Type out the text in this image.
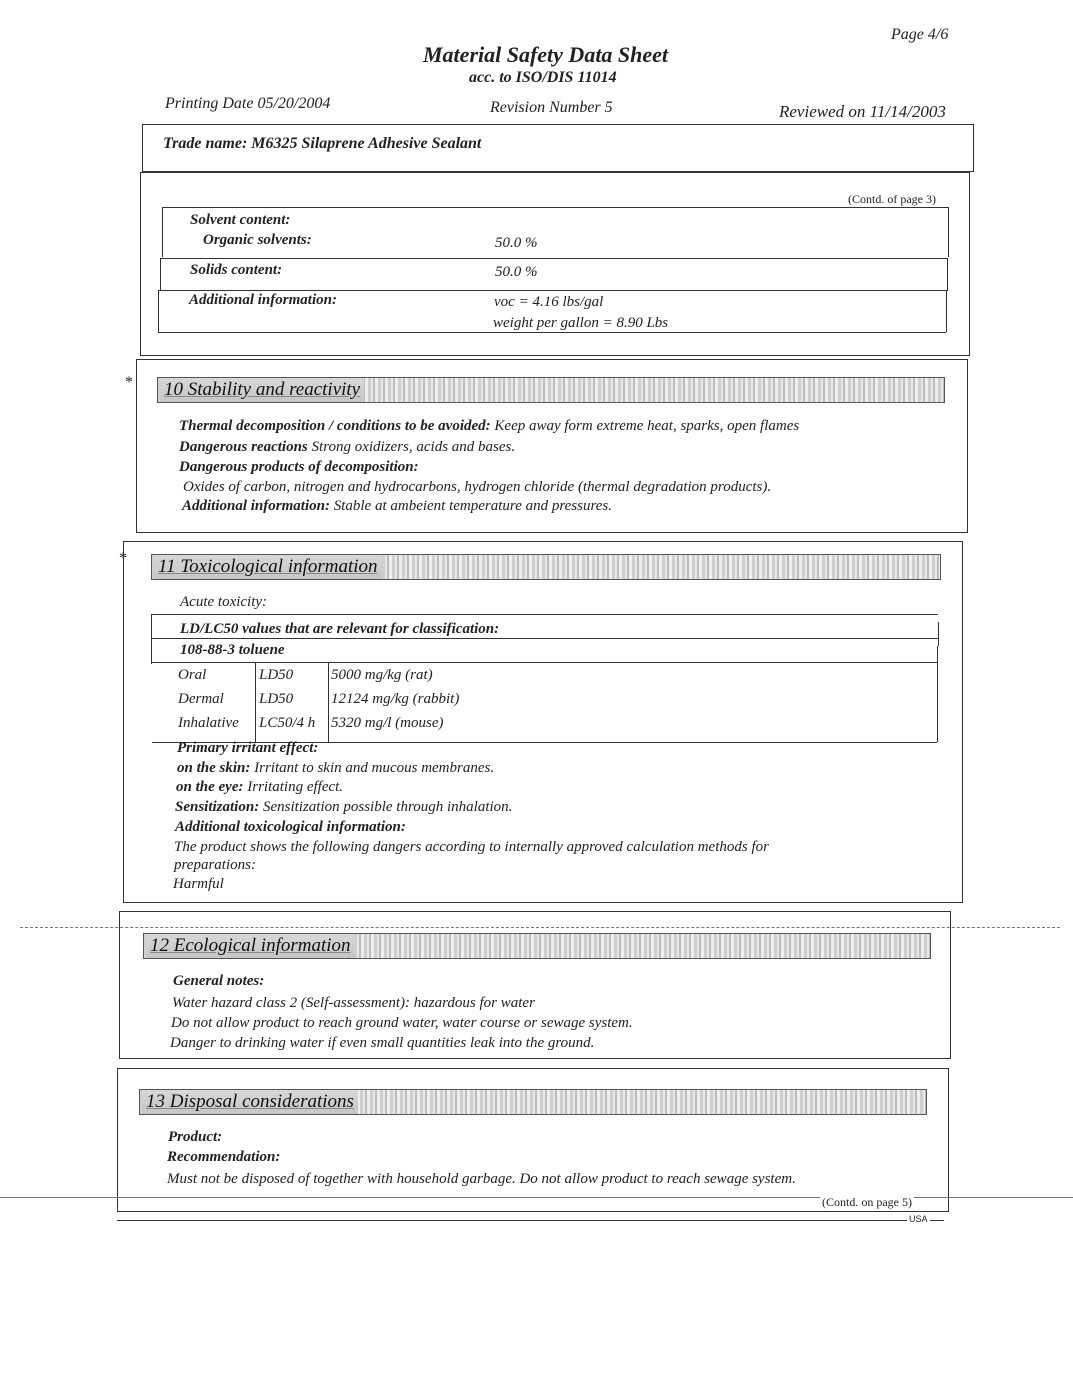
Page 4/6
Material Safety Data Sheet
acc. to ISO/DIS 11014
Printing Date 05/20/2004	Revision Number 5	Reviewed on 11/14/2003
Trade name: M6325 Silaprene Adhesive Sealant
(Contd. of page 3)
Solvent content:
Organic solvents:	50.0 %
Solids content:	50.0 %
Additional information:	voc = 4.16 lbs/gal
weight per gallon = 8.90 Lbs
* 10 Stability and reactivity
Thermal decomposition / conditions to be avoided: Keep away form extreme heat, sparks, open flames
Dangerous reactions Strong oxidizers, acids and bases.
Dangerous products of decomposition:
Oxides of carbon, nitrogen and hydrocarbons, hydrogen chloride (thermal degradation products).
Additional information: Stable at ambeient temperature and pressures.
* 11 Toxicological information
Acute toxicity:
LD/LC50 values that are relevant for classification:
108-88-3 toluene
Oral	LD50	5000 mg/kg (rat)
Dermal	LD50	12124 mg/kg (rabbit)
Inhalative	LC50/4 h	5320 mg/l (mouse)
Primary irritant effect:
on the skin: Irritant to skin and mucous membranes.
on the eye: Irritating effect.
Sensitization: Sensitization possible through inhalation.
Additional toxicological information:
The product shows the following dangers according to internally approved calculation methods for
preparations:
Harmful
12 Ecological information
General notes:
Water hazard class 2 (Self-assessment): hazardous for water
Do not allow product to reach ground water, water course or sewage system.
Danger to drinking water if even small quantities leak into the ground.
13 Disposal considerations
Product:
Recommendation:
Must not be disposed of together with household garbage. Do not allow product to reach sewage system.
(Contd. on page 5)
USA
